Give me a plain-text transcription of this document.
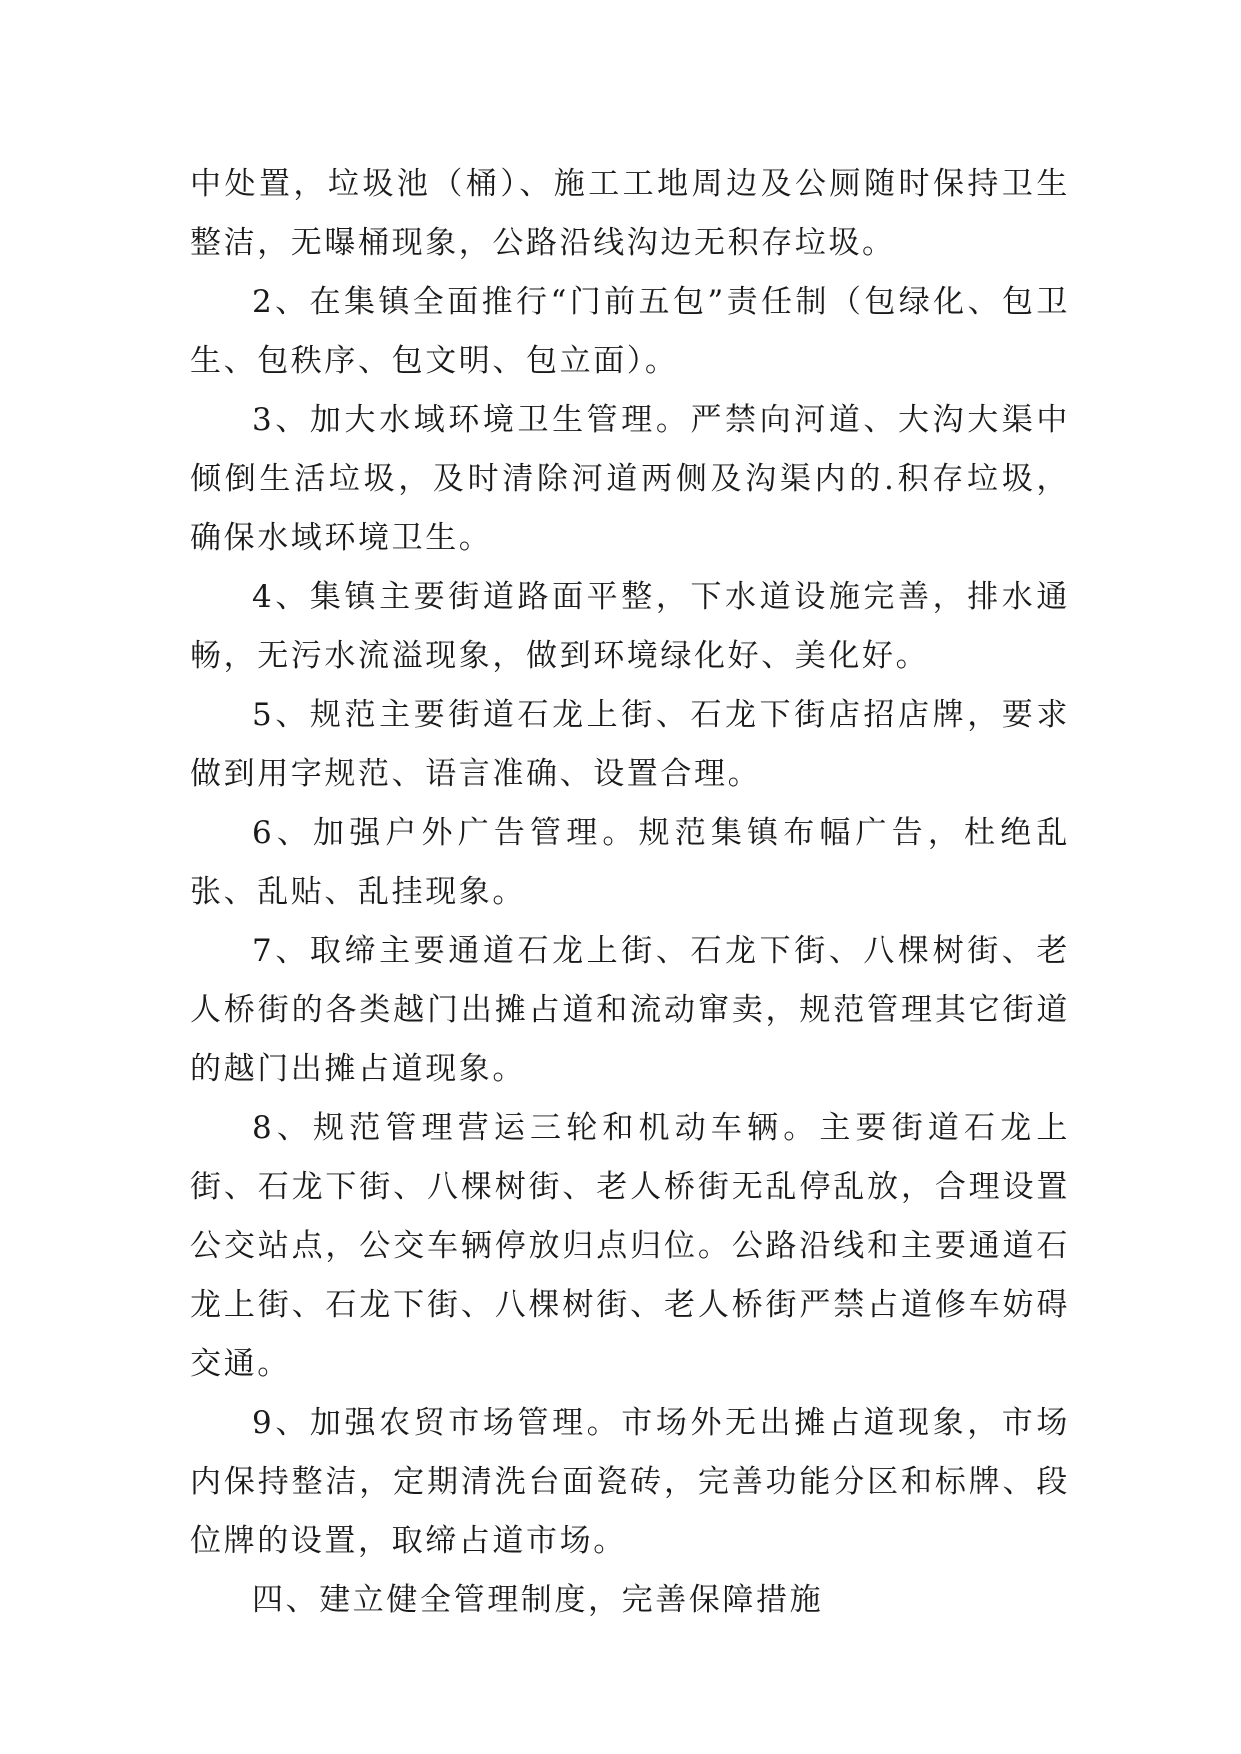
中处置，垃圾池（桶）、施工工地周边及公厕随时保持卫生整洁，无曝桶现象，公路沿线沟边无积存垃圾。

2、在集镇全面推行“门前五包”责任制（包绿化、包卫生、包秩序、包文明、包立面）。

3、加大水域环境卫生管理。严禁向河道、大沟大渠中倾倒生活垃圾，及时清除河道两侧及沟渠内的.积存垃圾，确保水域环境卫生。

4、集镇主要街道路面平整，下水道设施完善，排水通畅，无污水流溢现象，做到环境绿化好、美化好。

5、规范主要街道石龙上街、石龙下街店招店牌，要求做到用字规范、语言准确、设置合理。

6、加强户外广告管理。规范集镇布幅广告，杜绝乱张、乱贴、乱挂现象。

7、取缔主要通道石龙上街、石龙下街、八棵树街、老人桥街的各类越门出摊占道和流动窜卖，规范管理其它街道的越门出摊占道现象。

8、规范管理营运三轮和机动车辆。主要街道石龙上街、石龙下街、八棵树街、老人桥街无乱停乱放，合理设置公交站点，公交车辆停放归点归位。公路沿线和主要通道石龙上街、石龙下街、八棵树街、老人桥街严禁占道修车妨碍交通。

9、加强农贸市场管理。市场外无出摊占道现象，市场内保持整洁，定期清洗台面瓷砖，完善功能分区和标牌、段位牌的设置，取缔占道市场。

四、建立健全管理制度，完善保障措施
